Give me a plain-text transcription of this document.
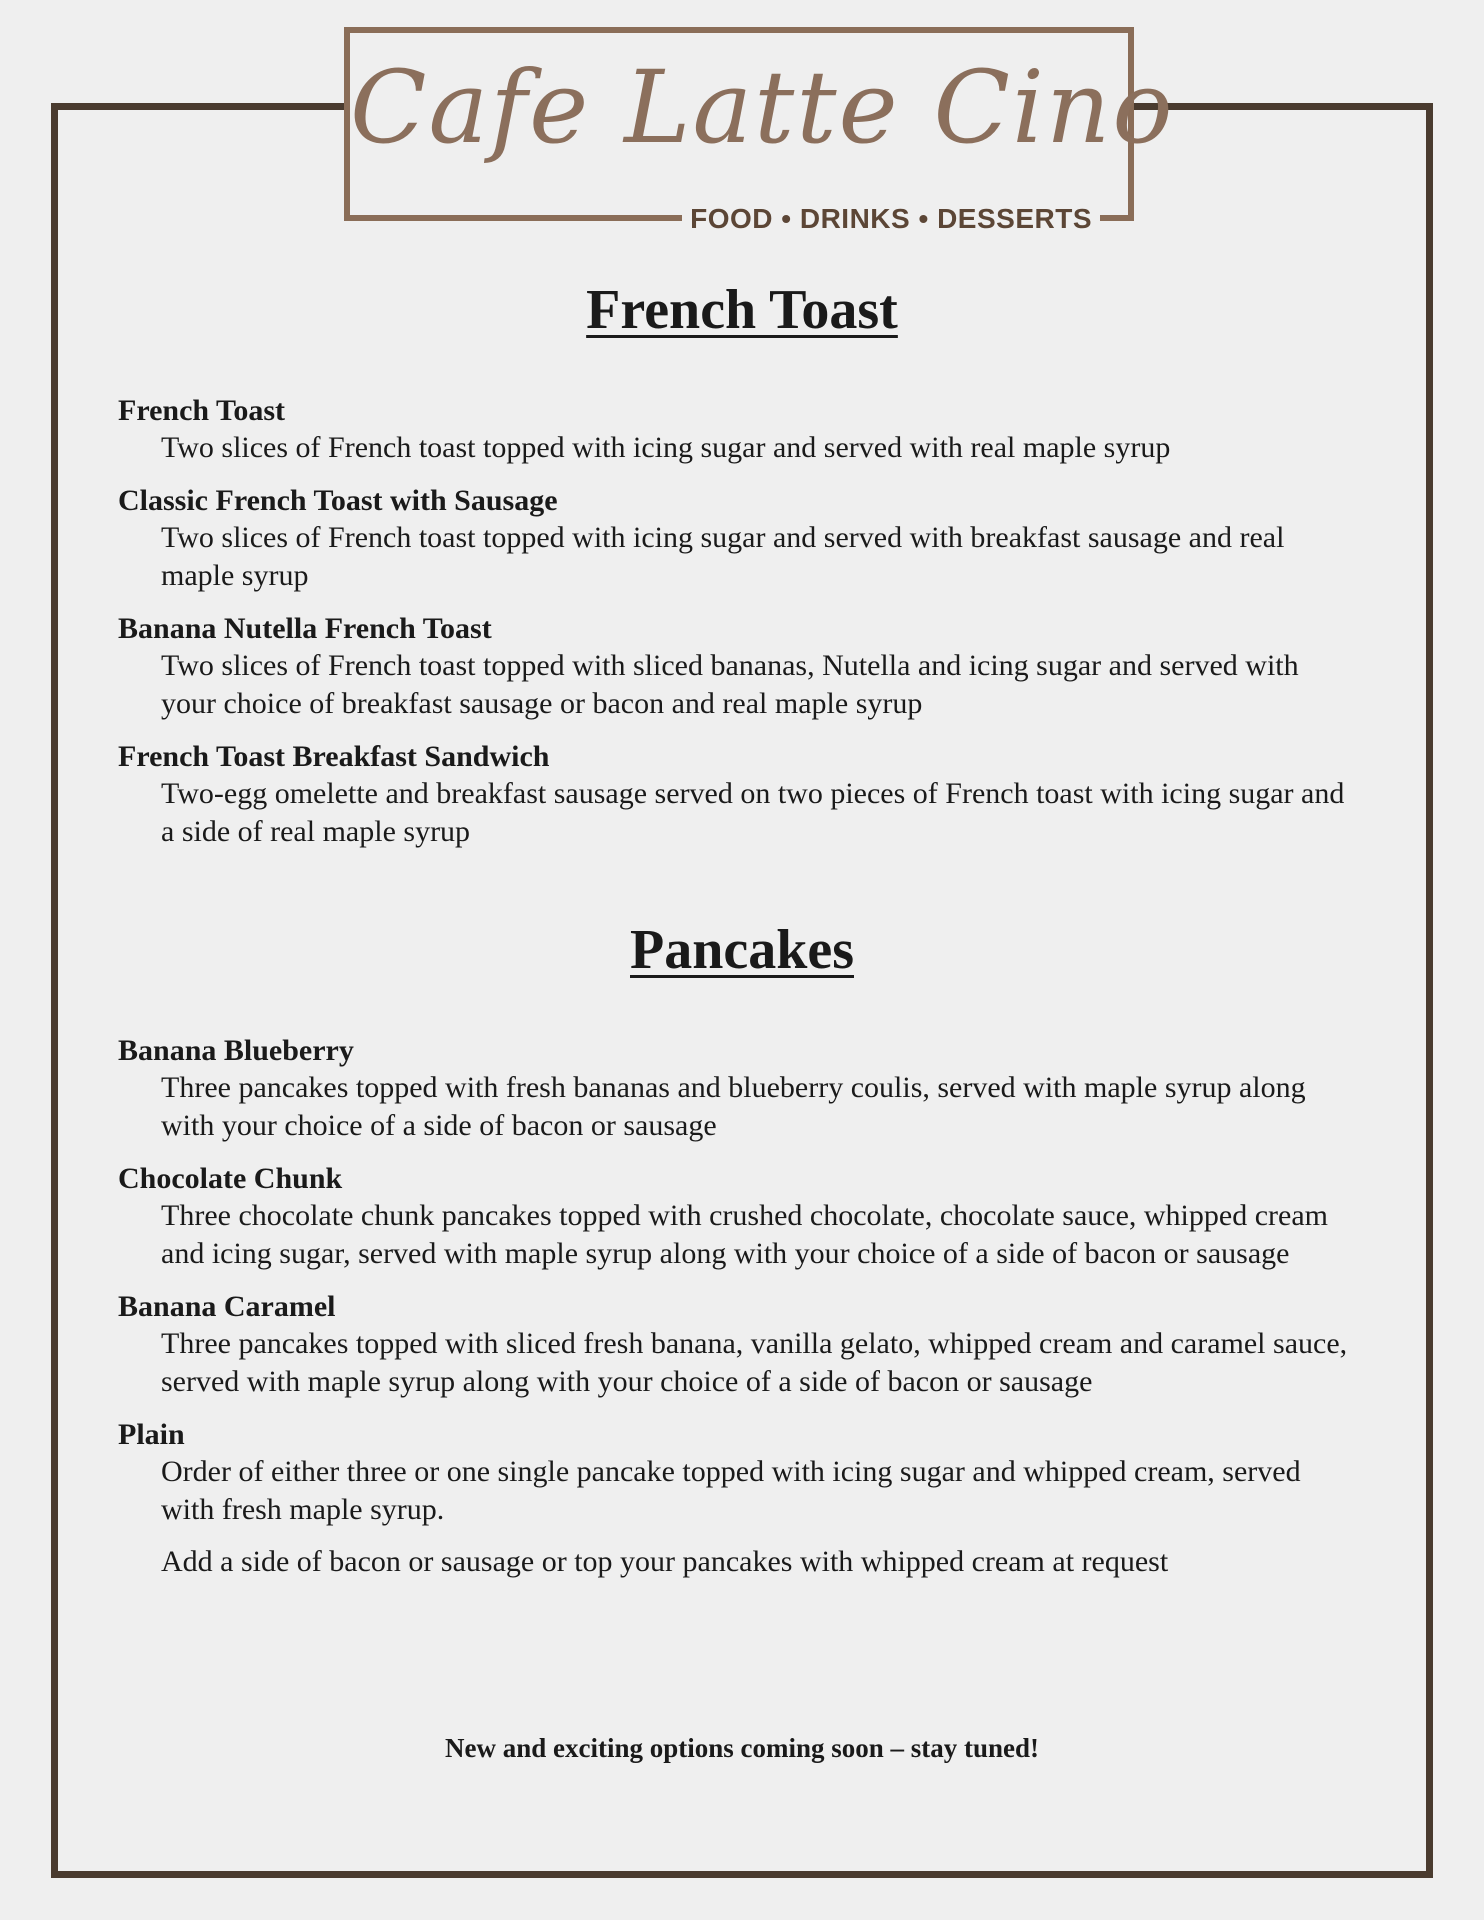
Cafe Latte Cino
FOOD • DRINKS • DESSERTS
French Toast
French Toast
Two slices of French toast topped with icing sugar and served with real maple syrup
Classic French Toast with Sausage
Two slices of French toast topped with icing sugar and served with breakfast sausage and real maple syrup
Banana Nutella French Toast
Two slices of French toast topped with sliced bananas, Nutella and icing sugar and served with your choice of breakfast sausage or bacon and real maple syrup
French Toast Breakfast Sandwich
Two-egg omelette and breakfast sausage served on two pieces of French toast with icing sugar and a side of real maple syrup
Pancakes
Banana Blueberry
Three pancakes topped with fresh bananas and blueberry coulis, served with maple syrup along with your choice of a side of bacon or sausage
Chocolate Chunk
Three chocolate chunk pancakes topped with crushed chocolate, chocolate sauce, whipped cream and icing sugar, served with maple syrup along with your choice of a side of bacon or sausage
Banana Caramel
Three pancakes topped with sliced fresh banana, vanilla gelato, whipped cream and caramel sauce, served with maple syrup along with your choice of a side of bacon or sausage
Plain
Order of either three or one single pancake topped with icing sugar and whipped cream, served with fresh maple syrup.
Add a side of bacon or sausage or top your pancakes with whipped cream at request
New and exciting options coming soon – stay tuned!
